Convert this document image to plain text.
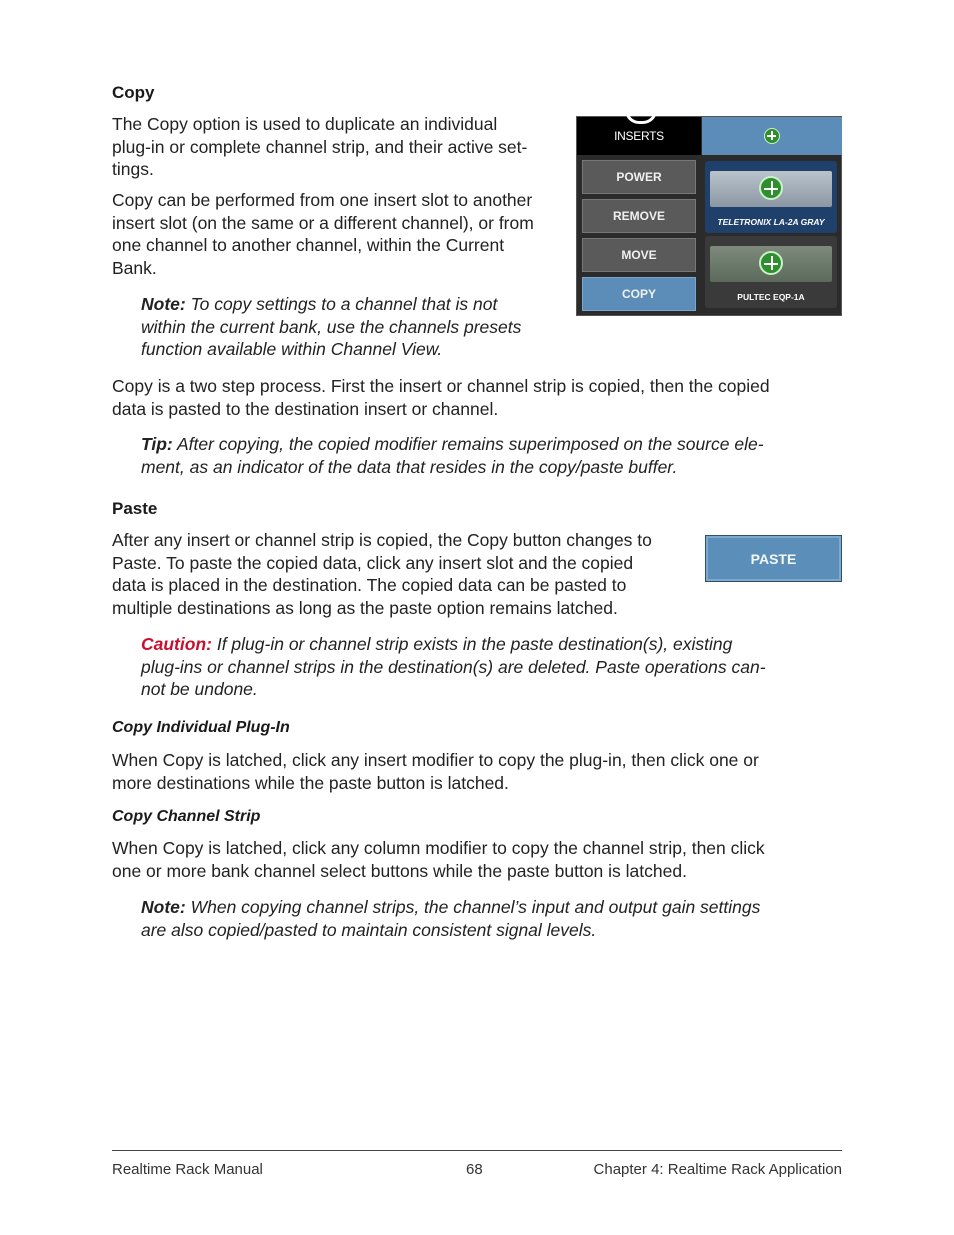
Copy

The Copy option is used to duplicate an individual

plug-in or complete channel strip, and their active set-

tings.

Copy can be performed from one insert slot to another

insert slot (on the same or a different channel), or from

one channel to another channel, within the Current

Bank.

Note: To copy settings to a channel that is not

within the current bank, use the channels presets

function available within Channel View.

INSERTS
POWER
REMOVE
MOVE
COPY
TELETRONIX LA-2A GRAY
PULTEC EQP-1A

Copy is a two step process. First the insert or channel strip is copied, then the copied

data is pasted to the destination insert or channel.

Tip: After copying, the copied modifier remains superimposed on the source ele-

ment, as an indicator of the data that resides in the copy/paste buffer.

Paste

After any insert or channel strip is copied, the Copy button changes to

Paste. To paste the copied data, click any insert slot and the copied

data is placed in the destination. The copied data can be pasted to

multiple destinations as long as the paste option remains latched.

PASTE

Caution: If plug-in or channel strip exists in the paste destination(s), existing

plug-ins or channel strips in the destination(s) are deleted. Paste operations can-

not be undone.

Copy Individual Plug-In

When Copy is latched, click any insert modifier to copy the plug-in, then click one or

more destinations while the paste button is latched.

Copy Channel Strip

When Copy is latched, click any column modifier to copy the channel strip, then click

one or more bank channel select buttons while the paste button is latched.

Note: When copying channel strips, the channel’s input and output gain settings

are also copied/pasted to maintain consistent signal levels.

Realtime Rack Manual	68	Chapter 4: Realtime Rack Application
